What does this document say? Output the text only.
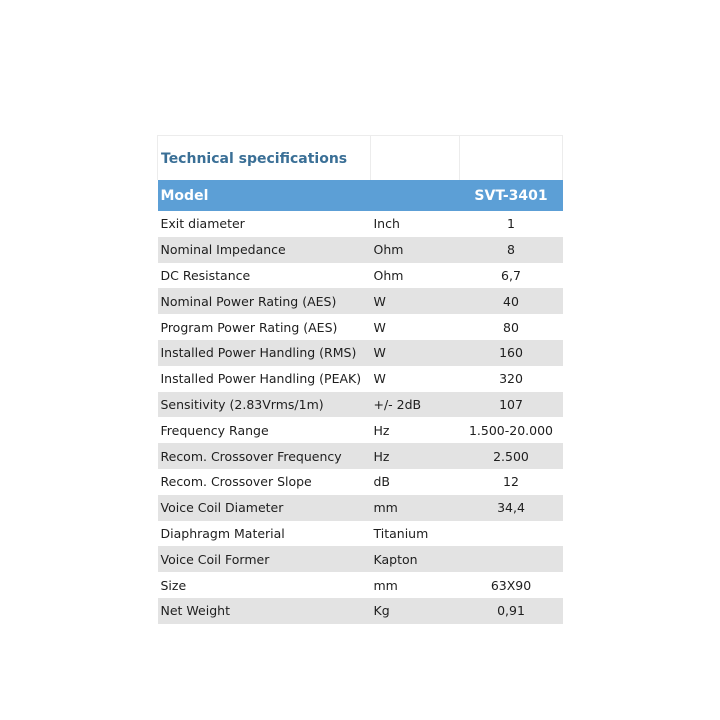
Technical specifications		
Model		SVT-3401
Exit diameter	Inch	1
Nominal Impedance	Ohm	8
DC Resistance	Ohm	6,7
Nominal Power Rating (AES)	W	40
Program Power Rating (AES)	W	80
Installed Power Handling (RMS)	W	160
Installed Power Handling (PEAK)	W	320
Sensitivity (2.83Vrms/1m)	+/- 2dB	107
Frequency Range	Hz	1.500-20.000
Recom. Crossover Frequency	Hz	2.500
Recom. Crossover Slope	dB	12
Voice Coil Diameter	mm	34,4
Diaphragm Material	Titanium	
Voice Coil Former	Kapton	
Size	mm	63X90
Net Weight	Kg	0,91
